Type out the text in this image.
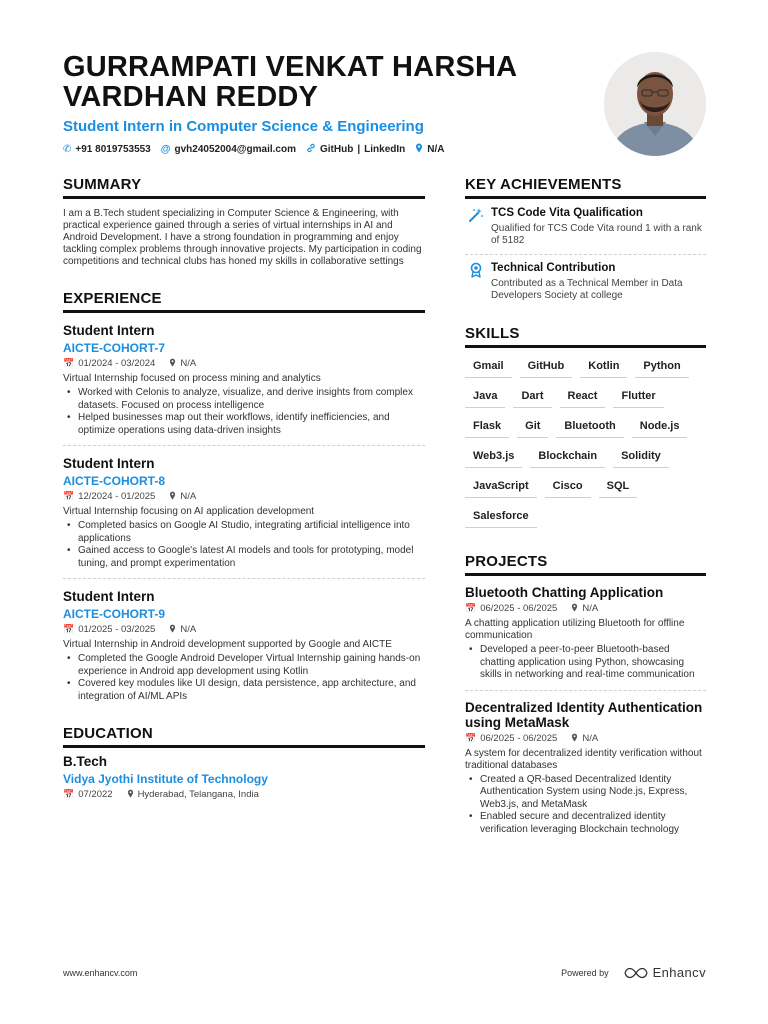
GURRAMPATI VENKAT HARSHA VARDHAN REDDY
Student Intern in Computer Science & Engineering
✆ +91 8019753553 @ gvh24052004@gmail.com GitHub | LinkedIn N/A
SUMMARY
I am a B.Tech student specializing in Computer Science & Engineering, with practical experience gained through a series of virtual internships in AI and Android Development. I have a strong foundation in programming and enjoy tackling complex problems through innovative projects. My participation in coding competitions and technical clubs has honed my skills in collaborative settings
EXPERIENCE
Student Intern
AICTE-COHORT-7
📅 01/2024 - 03/2024	N/A
Virtual Internship focused on process mining and analytics
• Worked with Celonis to analyze, visualize, and derive insights from complex datasets. Focused on process intelligence
• Helped businesses map out their workflows, identify inefficiencies, and optimize operations using data-driven insights
Student Intern
AICTE-COHORT-8
📅 12/2024 - 01/2025	N/A
Virtual Internship focusing on AI application development
• Completed basics on Google AI Studio, integrating artificial intelligence into applications
• Gained access to Google's latest AI models and tools for prototyping, model tuning, and prompt experimentation
Student Intern
AICTE-COHORT-9
📅 01/2025 - 03/2025	N/A
Virtual Internship in Android development supported by Google and AICTE
• Completed the Google Android Developer Virtual Internship gaining hands-on experience in Android app development using Kotlin
• Covered key modules like UI design, data persistence, app architecture, and integration of AI/ML APIs
EDUCATION
B.Tech
Vidya Jyothi Institute of Technology
📅 07/2022	Hyderabad, Telangana, India
KEY ACHIEVEMENTS
TCS Code Vita Qualification
Qualified for TCS Code Vita round 1 with a rank of 5182
Technical Contribution
Contributed as a Technical Member in Data Developers Society at college
SKILLS
Gmail	GitHub	Kotlin	Python
Java	Dart	React	Flutter
Flask	Git	Bluetooth	Node.js
Web3.js	Blockchain	Solidity
JavaScript	Cisco	SQL
Salesforce
PROJECTS
Bluetooth Chatting Application
📅 06/2025 - 06/2025	N/A
A chatting application utilizing Bluetooth for offline communication
• Developed a peer-to-peer Bluetooth-based chatting application using Python, showcasing skills in networking and real-time communication
Decentralized Identity Authentication using MetaMask
📅 06/2025 - 06/2025	N/A
A system for decentralized identity verification without traditional databases
• Created a QR-based Decentralized Identity Authentication System using Node.js, Express, Web3.js, and MetaMask
• Enabled secure and decentralized identity verification leveraging Blockchain technology
www.enhancv.com	Powered by	Enhancv
